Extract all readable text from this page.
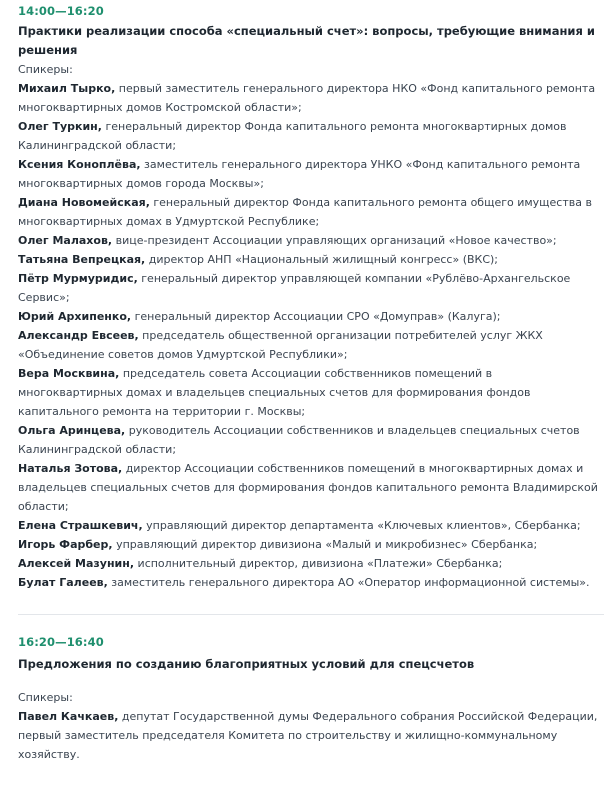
14:00—16:20

Практики реализации способа «специальный счет»: вопросы, требующие внимания и решения

Спикеры:

Михаил Тырко, первый заместитель генерального директора НКО «Фонд капитального ремонта многоквартирных домов Костромской области»;

Олег Туркин, генеральный директор Фонда капитального ремонта многоквартирных домов Калининградской области;

Ксения Коноплёва, заместитель генерального директора УНКО «Фонд капитального ремонта многоквартирных домов города Москвы»;

Диана Новомейская, генеральный директор Фонда капитального ремонта общего имущества в многоквартирных домах в Удмуртской Республике;

Олег Малахов, вице-президент Ассоциации управляющих организаций «Новое качество»;

Татьяна Вепрецкая, директор АНП «Национальный жилищный конгресс» (ВКС);

Пётр Мурмуридис, генеральный директор управляющей компании «Рублёво-Архангельское Сервис»;

Юрий Архипенко, генеральный директор Ассоциации СРО «Домуправ» (Калуга);

Александр Евсеев, председатель общественной организации потребителей услуг ЖКХ «Объединение советов домов Удмуртской Республики»;

Вера Москвина, председатель совета Ассоциации собственников помещений в многоквартирных домах и владельцев специальных счетов для формирования фондов капитального ремонта на территории г. Москвы;

Ольга Аринцева, руководитель Ассоциации собственников и владельцев специальных счетов Калининградской области;

Наталья Зотова, директор Ассоциации собственников помещений в многоквартирных домах и владельцев специальных счетов для формирования фондов капитального ремонта Владимирской области;

Елена Страшкевич, управляющий директор департамента «Ключевых клиентов», Сбербанка;

Игорь Фарбер, управляющий директор дивизиона «Малый и микробизнес» Сбербанка;

Алексей Мазунин, исполнительный директор, дивизиона «Платежи» Сбербанка;

Булат Галеев, заместитель генерального директора АО «Оператор информационной системы».

16:20—16:40

Предложения по созданию благоприятных условий для спецсчетов

Спикеры:

Павел Качкаев, депутат Государственной думы Федерального собрания Российской Федерации, первый заместитель председателя Комитета по строительству и жилищно-коммунальному хозяйству.
